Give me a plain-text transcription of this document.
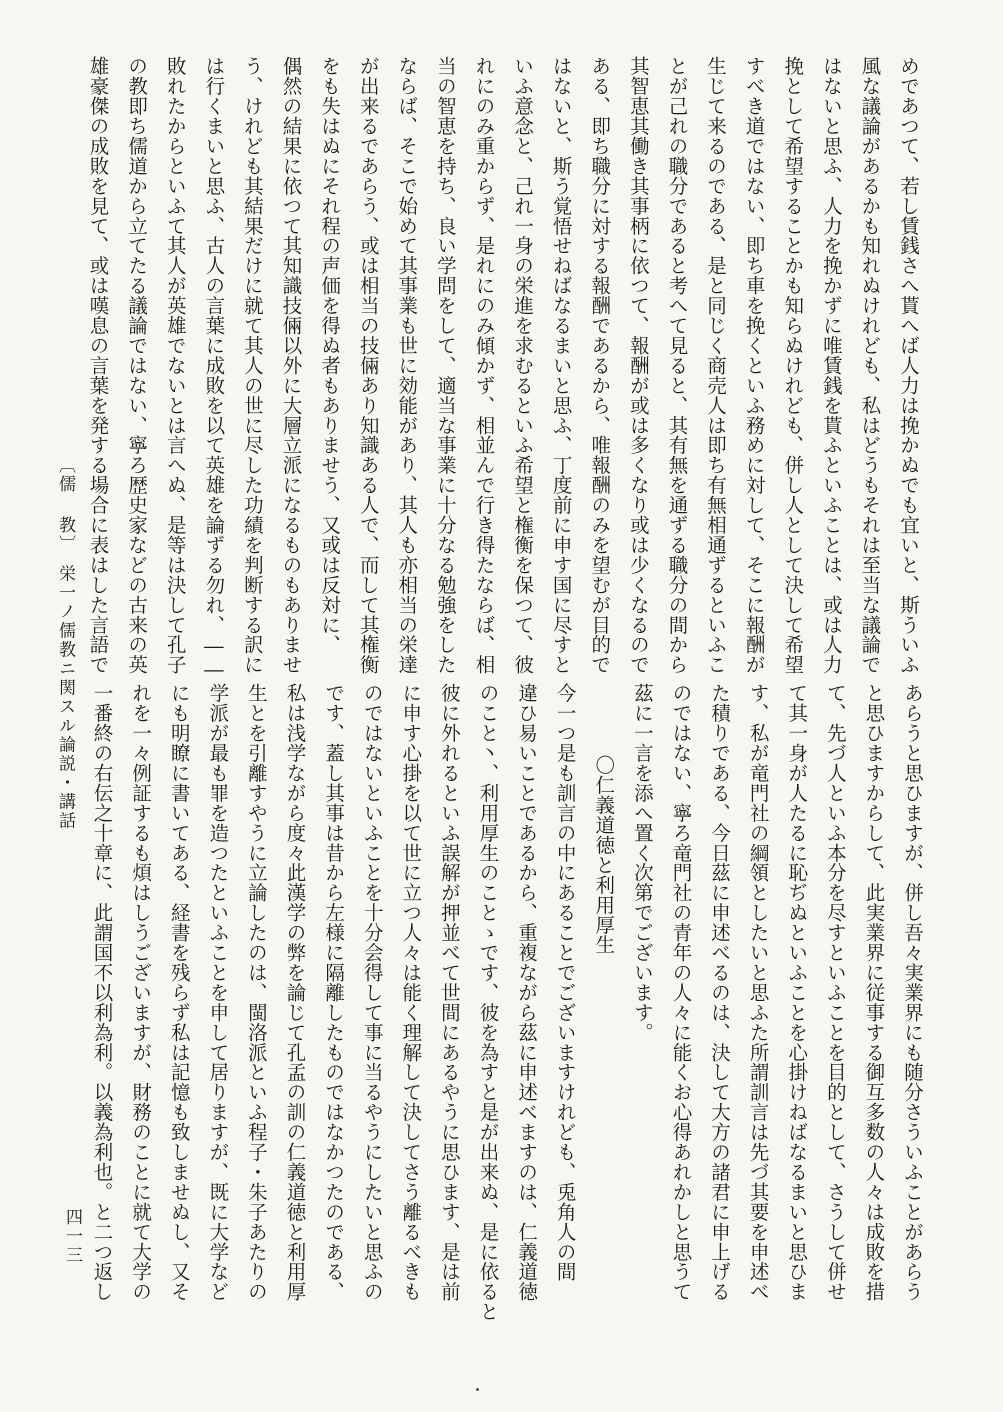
めであつて、若し賃銭さへ貰へば人力は挽かぬでも宜いと、斯ういふ
風な議論があるかも知れぬけれども、私はどうもそれは至当な議論で
はないと思ふ、人力を挽かずに唯賃銭を貰ふといふことは、或は人力
挽として希望することかも知らぬけれども、併し人として決して希望
すべき道ではない、即ち車を挽くといふ務めに対して、そこに報酬が
生じて来るのである、是と同じく商売人は即ち有無相通ずるといふこ
とが己れの職分であると考へて見ると、其有無を通ずる職分の間から
其智恵其働き其事柄に依つて、報酬が或は多くなり或は少くなるので
ある、即ち職分に対する報酬であるから、唯報酬のみを望むが目的で
はないと、斯う覚悟せねばなるまいと思ふ、丁度前に申す国に尽すと
いふ意念と、己れ一身の栄進を求むるといふ希望と権衡を保つて、彼
れにのみ重からず、是れにのみ傾かず、相並んで行き得たならば、相
当の智恵を持ち、良い学問をして、適当な事業に十分なる勉強をした
ならば、そこで始めて其事業も世に効能があり、其人も亦相当の栄達
が出来るであらう、或は相当の技倆あり知識ある人で、而して其権衡
をも失はぬにそれ程の声価を得ぬ者もありませう、又或は反対に、
偶然の結果に依つて其知識技倆以外に大層立派になるものもありませ
う、けれども其結果だけに就て其人の世に尽した功績を判断する訳に
は行くまいと思ふ、古人の言葉に成敗を以て英雄を論ずる勿れ、――
敗れたからといふて其人が英雄でないとは言へぬ、是等は決して孔子
の教即ち儒道から立てたる議論ではない、寧ろ歴史家などの古来の英
雄豪傑の成敗を見て、或は嘆息の言葉を発する場合に表はした言語で
あらうと思ひますが、併し吾々実業界にも随分さういふことがあらう
と思ひますからして、此実業界に従事する御互多数の人々は成敗を措
て、先づ人といふ本分を尽すといふことを目的として、さうして併せ
て其一身が人たるに恥ぢぬといふことを心掛けねばなるまいと思ひま
す、私が竜門社の綱領としたいと思ふた所謂訓言は先づ其要を申述べ
た積りである、今日茲に申述べるのは、決して大方の諸君に申上げる
のではない、寧ろ竜門社の青年の人々に能くお心得あれかしと思うて
茲に一言を添へ置く次第でございます。
〇仁義道徳と利用厚生
今一つ是も訓言の中にあることでございますけれども、兎角人の間
違ひ易いことであるから、重複ながら茲に申述べますのは、仁義道徳
のこと丶、利用厚生のことゝです、彼を為すと是が出来ぬ、是に依ると
彼に外れるといふ誤解が押並べて世間にあるやうに思ひます、是は前
に申す心掛を以て世に立つ人々は能く理解して決してさう離るべきも
のではないといふことを十分会得して事に当るやうにしたいと思ふの
です、蓋し其事は昔から左様に隔離したものではなかつたのである、
私は浅学ながら度々此漢学の弊を論じて孔孟の訓の仁義道徳と利用厚
生とを引離すやうに立論したのは、閩洛派といふ程子・朱子あたりの
学派が最も罪を造つたといふことを申して居りますが、既に大学など
にも明瞭に書いてある、経書を残らず私は記憶も致しませぬし、又そ
れを一々例証するも煩はしうございますが、財務のことに就て大学の
一番終の右伝之十章に、此謂国不以利為利。以義為利也。と二つ返し
〔儒 教〕　栄一ノ儒教ニ関スル論説・講話
四一三
